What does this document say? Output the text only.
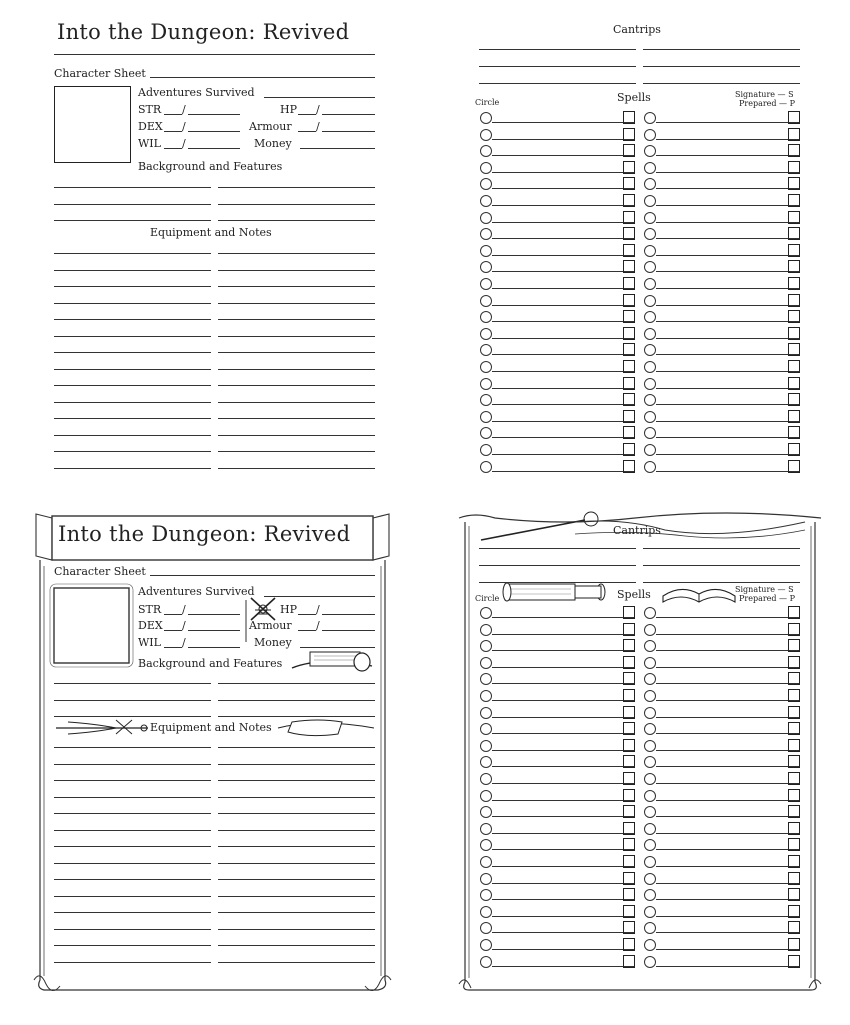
Into the Dungeon: Revived
Character Sheet
Adventures Survived
STR /	HP /
DEX /	Armour /
WIL /	Money
Background and Features
Equipment and Notes
Cantrips
Circle	Spells	Signature — S
Prepared — P
Into the Dungeon: Revived
Character Sheet
Adventures Survived
STR /	HP /
DEX /	Armour /
WIL /	Money
Background and Features
Equipment and Notes
Cantrips
Circle	Spells	Signature — S
Prepared — P
